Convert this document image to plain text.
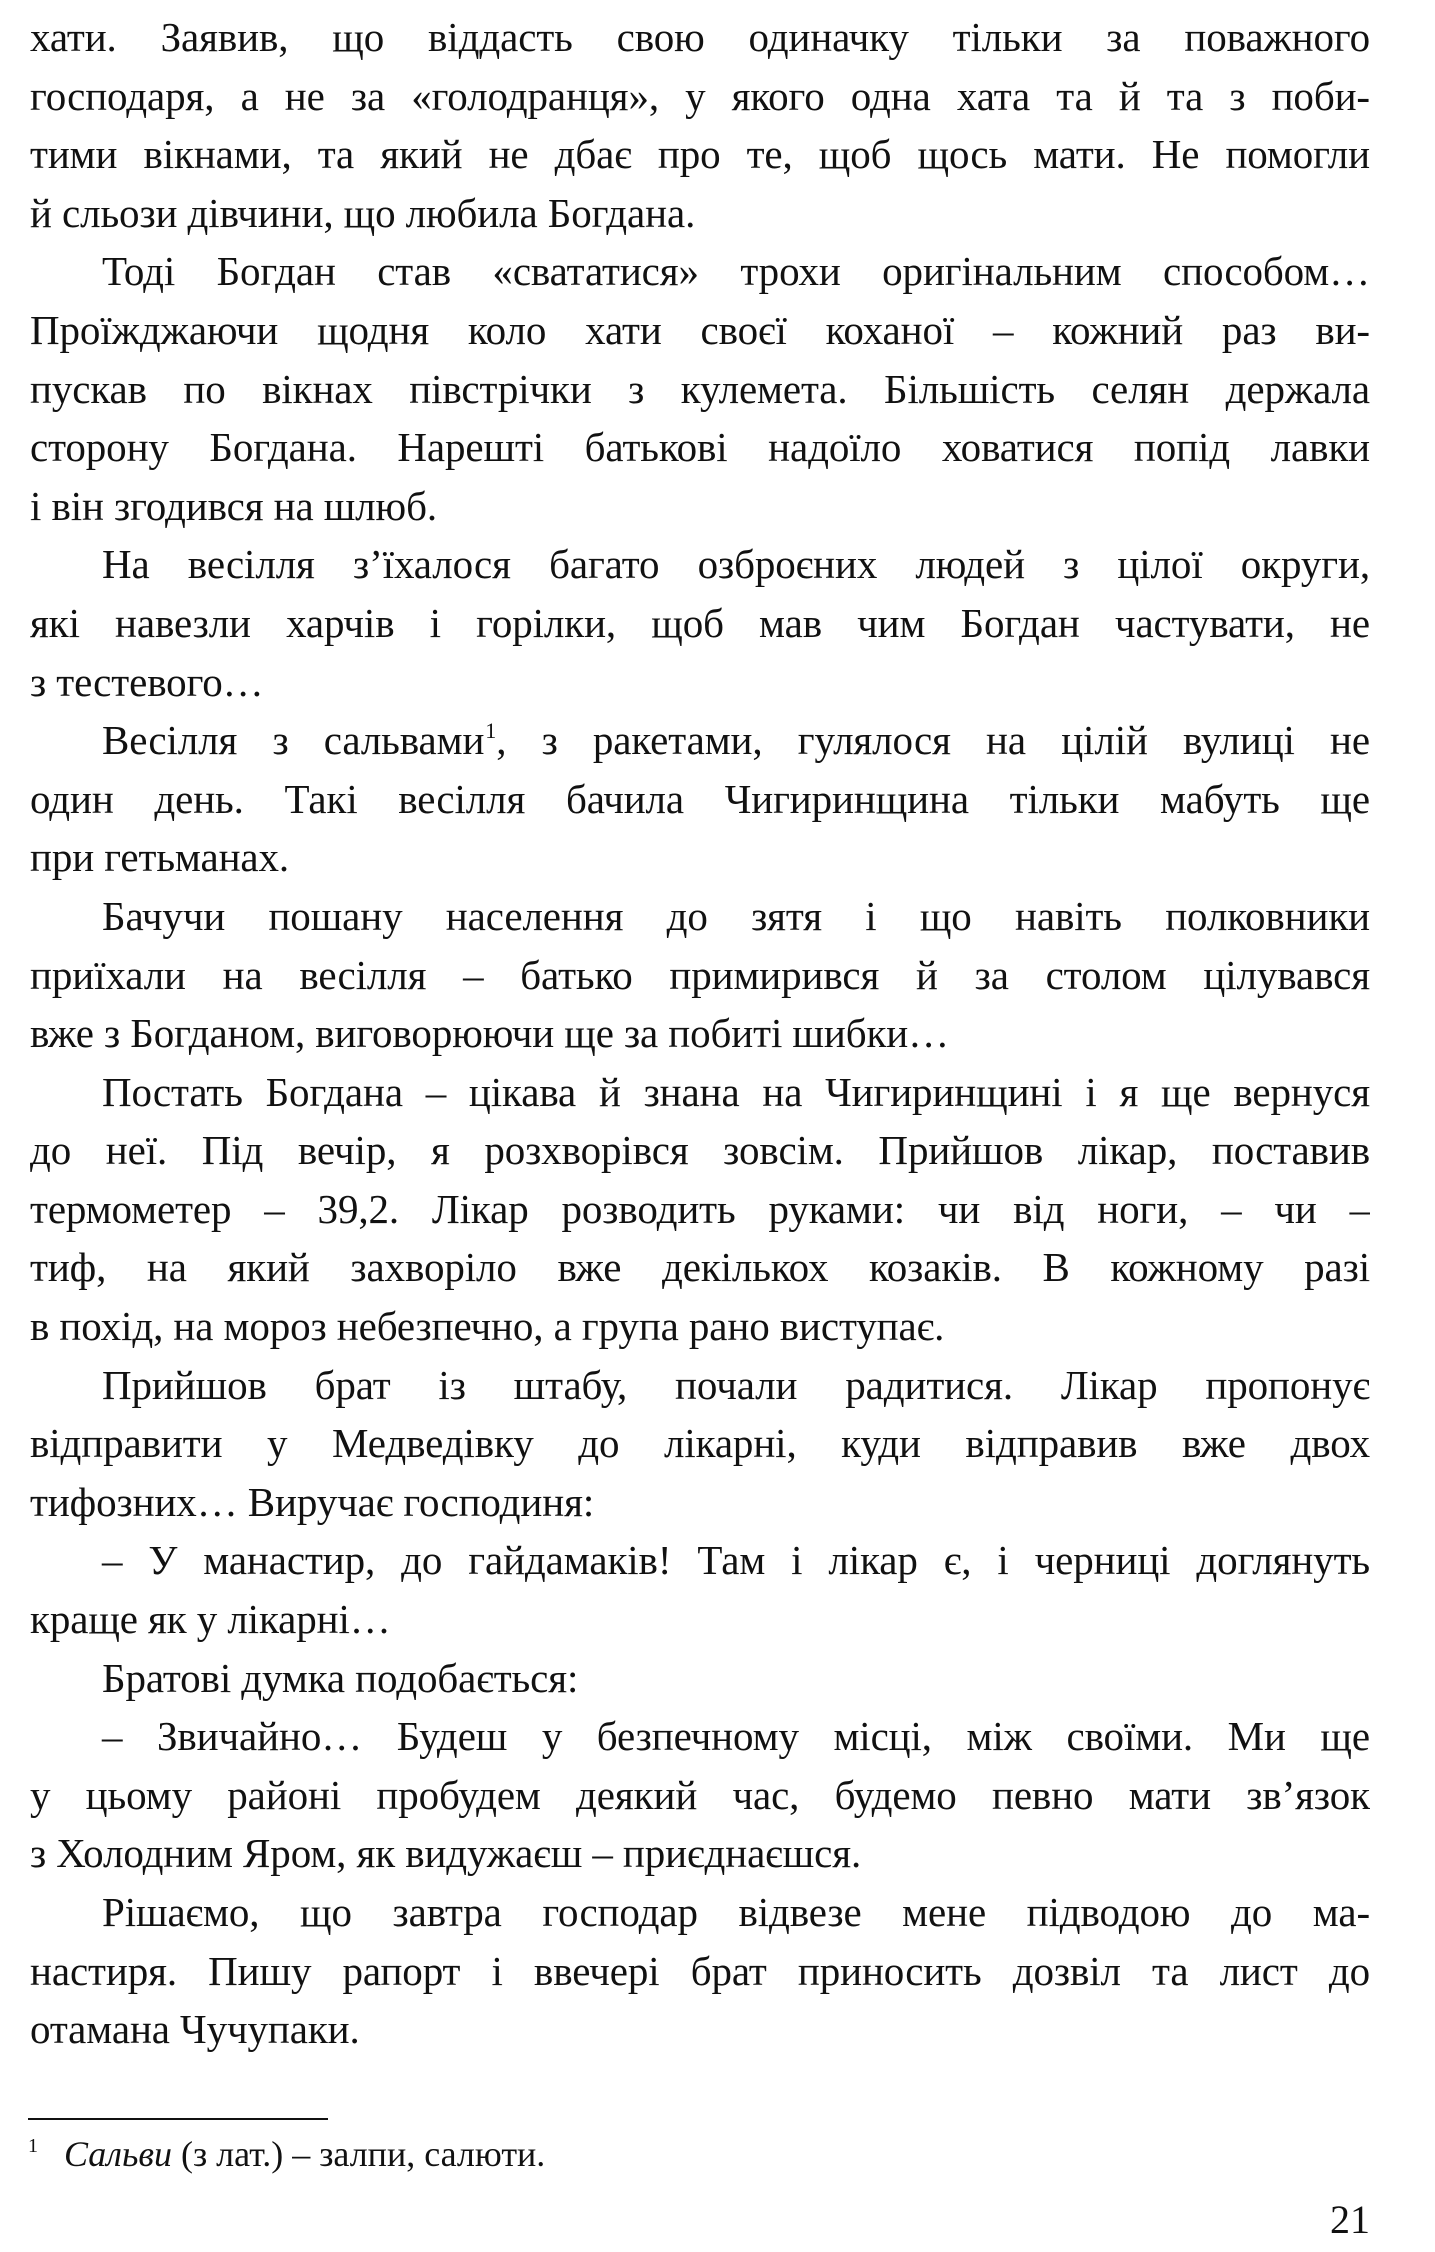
хати. Заявив, що віддасть свою одиначку тільки за поважного
господаря, а не за «голодранця», у якого одна хата та й та з поби-
тими вікнами, та який не дбає про те, щоб щось мати. Не помогли
й сльози дівчини, що любила Богдана.
Тоді Богдан став «свататися» трохи оригінальним способом…
Проїжджаючи щодня коло хати своєї коханої – кожний раз ви-
пускав по вікнах півстрічки з кулемета. Більшість селян держала
сторону Богдана. Нарешті батькові надоїло ховатися попід лавки
і він згодився на шлюб.
На весілля з’їхалося багато озброєних людей з цілої округи,
які навезли харчів і горілки, щоб мав чим Богдан частувати, не
з тестевого…
Весілля з сальвами$^1$, з ракетами, гулялося на цілій вулиці не
один день. Такі весілля бачила Чигиринщина тільки мабуть ще
при гетьманах.
Бачучи пошану населення до зятя і що навіть полковники
приїхали на весілля – батько примирився й за столом цілувався
вже з Богданом, виговорюючи ще за побиті шибки…
Постать Богдана – цікава й знана на Чигиринщині і я ще вернуся
до неї. Під вечір, я розхворівся зовсім. Прийшов лікар, поставив
термометер – 39,2. Лікар розводить руками: чи від ноги, – чи –
тиф, на який захворіло вже декількох козаків. В кожному разі
в похід, на мороз небезпечно, а група рано виступає.
Прийшов брат із штабу, почали радитися. Лікар пропонує
відправити у Медведівку до лікарні, куди відправив вже двох
тифозних… Виручає господиня:
– У манастир, до гайдамаків! Там і лікар є, і черниці доглянуть
краще як у лікарні…
Братові думка подобається:
– Звичайно… Будеш у безпечному місці, між своїми. Ми ще
у цьому районі пробудем деякий час, будемо певно мати зв’язок
з Холодним Яром, як видужаєш – приєднаєшся.
Рішаємо, що завтра господар відвезе мене підводою до ма-
настиря. Пишу рапорт і ввечері брат приносить дозвіл та лист до
отамана Чучупаки.
1 Сальви (з лат.) – залпи, салюти.
21
